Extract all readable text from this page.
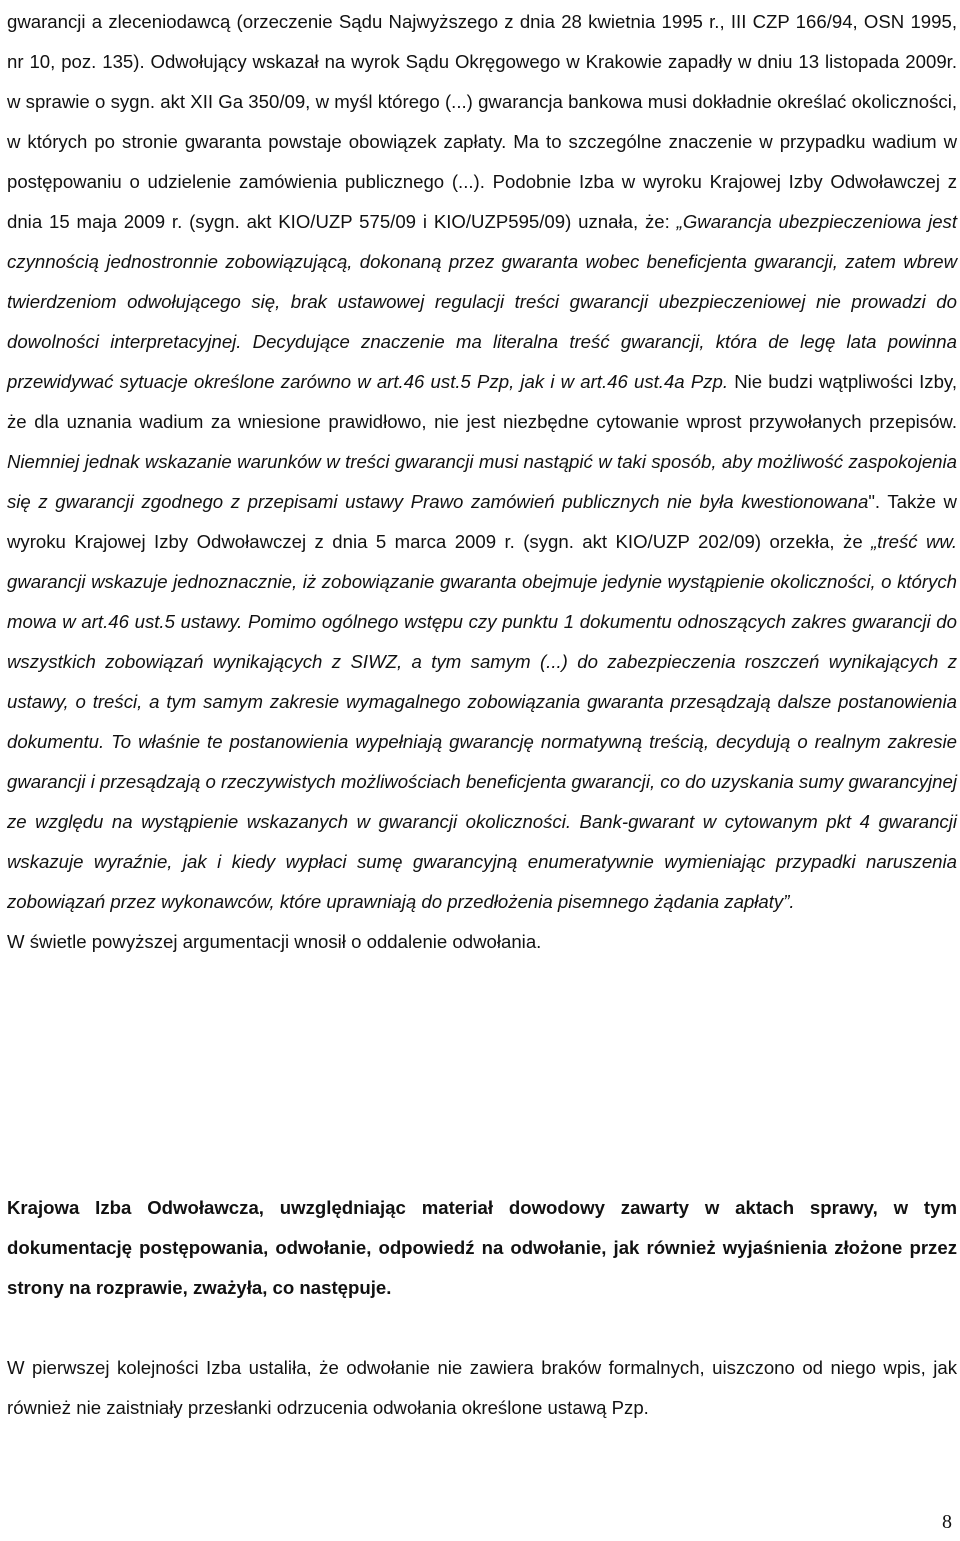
gwarancji a zleceniodawcą (orzeczenie Sądu Najwyższego z dnia 28 kwietnia 1995 r., III CZP 166/94, OSN 1995, nr 10, poz. 135). Odwołujący wskazał na wyrok Sądu Okręgowego w Krakowie zapadły w dniu 13 listopada 2009r. w sprawie o sygn. akt XII Ga 350/09, w myśl którego (...) gwarancja bankowa musi dokładnie określać okoliczności, w których po stronie gwaranta powstaje obowiązek zapłaty. Ma to szczególne znaczenie w przypadku wadium w postępowaniu o udzielenie zamówienia publicznego (...). Podobnie Izba w wyroku Krajowej Izby Odwoławczej z dnia 15 maja 2009 r. (sygn. akt KIO/UZP 575/09 i KIO/UZP595/09) uznała, że: „Gwarancja ubezpieczeniowa jest czynnością jednostronnie zobowiązującą, dokonaną przez gwaranta wobec beneficjenta gwarancji, zatem wbrew twierdzeniom odwołującego się, brak ustawowej regulacji treści gwarancji ubezpieczeniowej nie prowadzi do dowolności interpretacyjnej. Decydujące znaczenie ma literalna treść gwarancji, która de legę lata powinna przewidywać sytuacje określone zarówno w art.46 ust.5 Pzp, jak i w art.46 ust.4a Pzp. Nie budzi wątpliwości Izby, że dla uznania wadium za wniesione prawidłowo, nie jest niezbędne cytowanie wprost przywołanych przepisów. Niemniej jednak wskazanie warunków w treści gwarancji musi nastąpić w taki sposób, aby możliwość zaspokojenia się z gwarancji zgodnego z przepisami ustawy Prawo zamówień publicznych nie była kwestionowana". Także w wyroku Krajowej Izby Odwoławczej z dnia 5 marca 2009 r. (sygn. akt KIO/UZP 202/09) orzekła, że „treść ww. gwarancji wskazuje jednoznacznie, iż zobowiązanie gwaranta obejmuje jedynie wystąpienie okoliczności, o których mowa w art.46 ust.5 ustawy. Pomimo ogólnego wstępu czy punktu 1 dokumentu odnoszących zakres gwarancji do wszystkich zobowiązań wynikających z SIWZ, a tym samym (...) do zabezpieczenia roszczeń wynikających z ustawy, o treści, a tym samym zakresie wymagalnego zobowiązania gwaranta przesądzają dalsze postanowienia dokumentu. To właśnie te postanowienia wypełniają gwarancję normatywną treścią, decydują o realnym zakresie gwarancji i przesądzają o rzeczywistych możliwościach beneficjenta gwarancji, co do uzyskania sumy gwarancyjnej ze względu na wystąpienie wskazanych w gwarancji okoliczności. Bank-gwarant w cytowanym pkt 4 gwarancji wskazuje wyraźnie, jak i kiedy wypłaci sumę gwarancyjną enumeratywnie wymieniając przypadki naruszenia zobowiązań przez wykonawców, które uprawniają do przedłożenia pisemnego żądania zapłaty”.

W świetle powyższej argumentacji wnosił o oddalenie odwołania.

Krajowa Izba Odwoławcza, uwzględniając materiał dowodowy zawarty w aktach sprawy, w tym dokumentację postępowania, odwołanie, odpowiedź na odwołanie, jak również wyjaśnienia złożone przez strony na rozprawie, zważyła, co następuje.

W pierwszej kolejności Izba ustaliła, że odwołanie nie zawiera braków formalnych, uiszczono od niego wpis, jak również nie zaistniały przesłanki odrzucenia odwołania określone ustawą Pzp.

8
